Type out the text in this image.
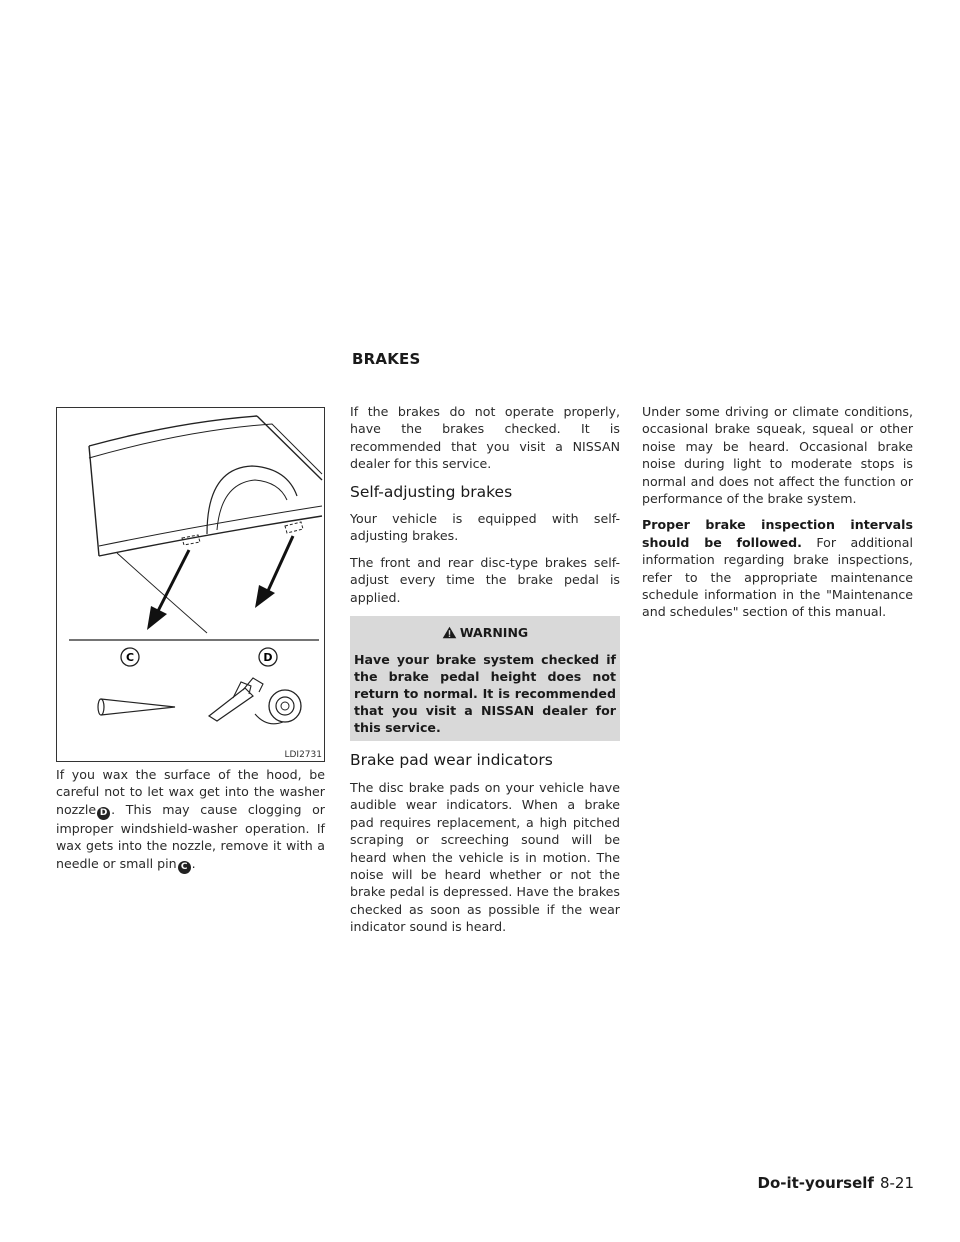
BRAKES
C	D
LDI2731

If you wax the surface of the hood, be careful not to let wax get into the washer nozzle D . This may cause clogging or improper windshield-washer operation. If wax gets into the nozzle, remove it with a needle or small pin C .

If the brakes do not operate properly, have the brakes checked. It is recommended that you visit a NISSAN dealer for this service.

Self-adjusting brakes

Your vehicle is equipped with self-adjusting brakes.

The front and rear disc-type brakes self-adjust every time the brake pedal is applied.

WARNING
Have your brake system checked if the brake pedal height does not return to normal. It is recommended that you visit a NISSAN dealer for this service.
Brake pad wear indicators

The disc brake pads on your vehicle have audible wear indicators. When a brake pad requires replacement, a high pitched scraping or screeching sound will be heard when the vehicle is in motion. The noise will be heard whether or not the brake pedal is depressed. Have the brakes checked as soon as possible if the wear indicator sound is heard.

Under some driving or climate conditions, occasional brake squeak, squeal or other noise may be heard. Occasional brake noise during light to moderate stops is normal and does not affect the function or performance of the brake system.

Proper brake inspection intervals should be followed. For additional information regarding brake inspections, refer to the appropriate maintenance schedule information in the "Maintenance and schedules" section of this manual.

Do-it-yourself 8-21
